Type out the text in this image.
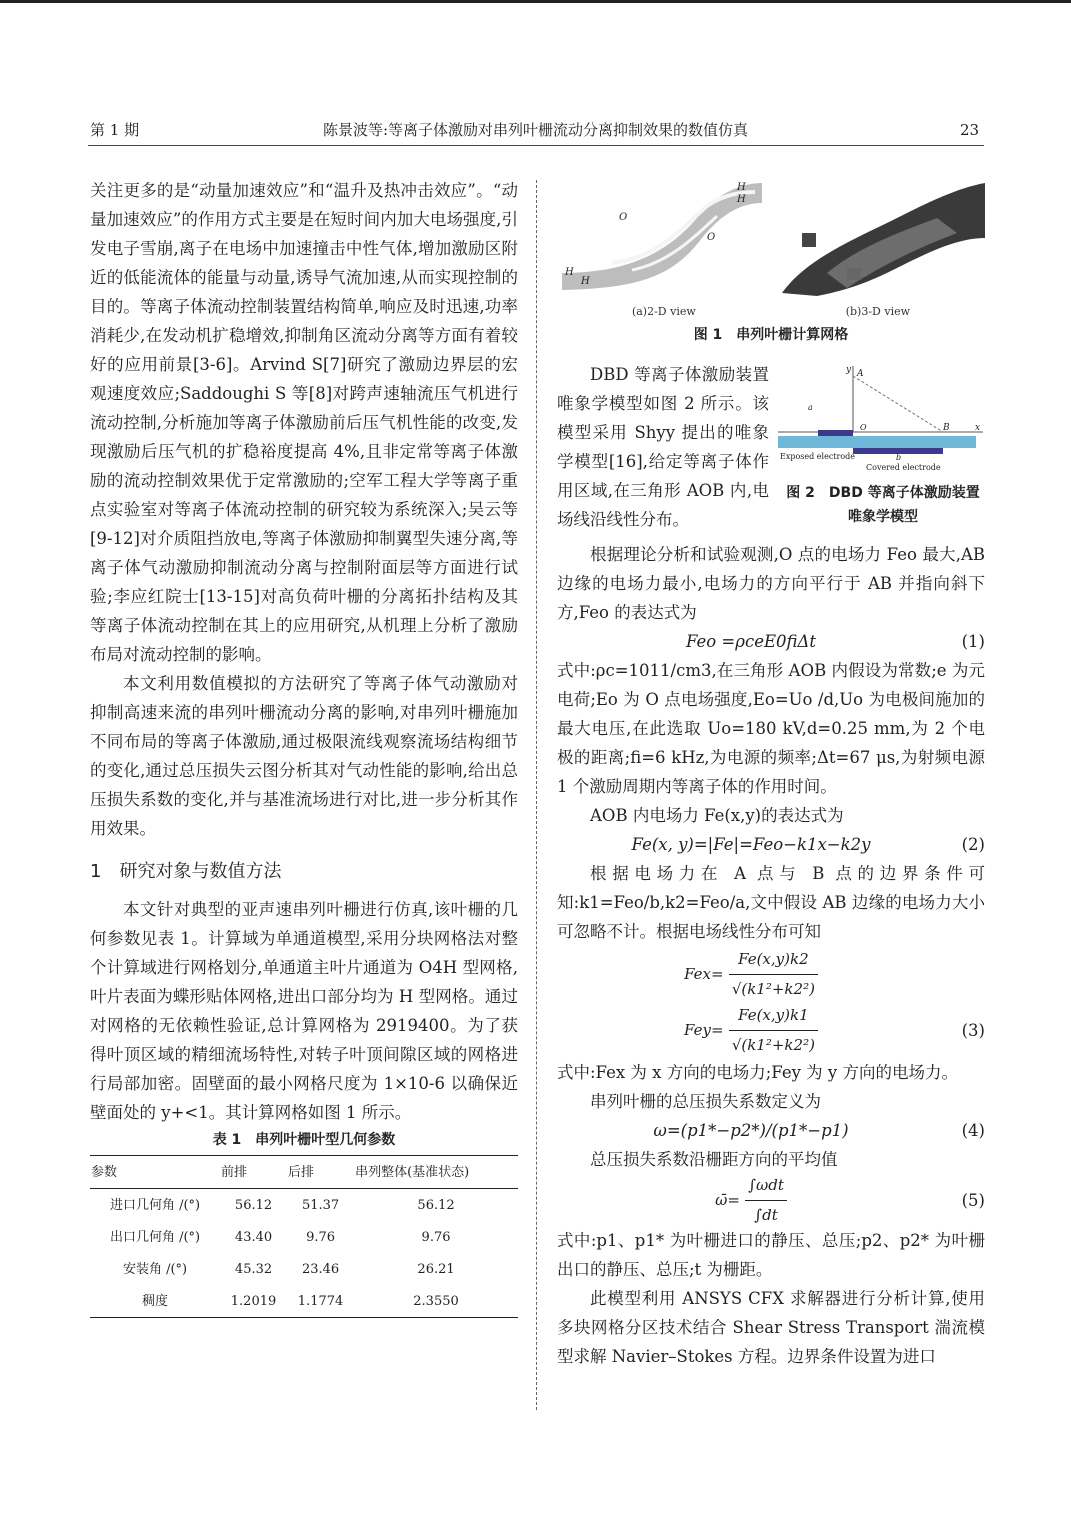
第 1 期	陈景波等:等离子体激励对串列叶栅流动分离抑制效果的数值仿真	23

关注更多的是“动量加速效应”和“温升及热冲击效应”。“动量加速效应”的作用方式主要是在短时间内加大电场强度,引发电子雪崩,离子在电场中加速撞击中性气体,增加激励区附近的低能流体的能量与动量,诱导气流加速,从而实现控制的目的。等离子体流动控制装置结构简单,响应及时迅速,功率消耗少,在发动机扩稳增效,抑制角区流动分离等方面有着较好的应用前景[3-6]。Arvind S[7]研究了激励边界层的宏观速度效应;Saddoughi S 等[8]对跨声速轴流压气机进行流动控制,分析施加等离子体激励前后压气机性能的改变,发现激励后压气机的扩稳裕度提高 4%,且非定常等离子体激励的流动控制效果优于定常激励的;空军工程大学等离子重点实验室对等离子体流动控制的研究较为系统深入;吴云等[9-12]对介质阻挡放电,等离子体激励抑制翼型失速分离,等离子体气动激励抑制流动分离与控制附面层等方面进行试验;李应红院士[13-15]对高负荷叶栅的分离拓扑结构及其等离子体流动控制在其上的应用研究,从机理上分析了激励布局对流动控制的影响。

本文利用数值模拟的方法研究了等离子体气动激励对抑制高速来流的串列叶栅流动分离的影响,对串列叶栅施加不同布局的等离子体激励,通过极限流线观察流场结构细节的变化,通过总压损失云图分析其对气动性能的影响,给出总压损失系数的变化,并与基准流场进行对比,进一步分析其作用效果。

1　研究对象与数值方法

本文针对典型的亚声速串列叶栅进行仿真,该叶栅的几何参数见表 1。计算域为单通道模型,采用分块网格法对整个计算域进行网格划分,单通道主叶片通道为 O4H 型网格,叶片表面为蝶形贴体网格,进出口部分均为 H 型网格。通过对网格的无依赖性验证,总计算网格为 2919400。为了获得叶顶区域的精细流场特性,对转子叶顶间隙区域的网格进行局部加密。固壁面的最小网格尺度为 1×10-6 以确保近壁面处的 y+<1。其计算网格如图 1 所示。

表 1　串列叶栅叶型几何参数

参数	前排	后排	串列整体(基准状态)
进口几何角 /(°)	56.12	51.37	56.12
出口几何角 /(°)	43.40	9.76	9.76
安装角 /(°)	45.32	23.46	26.21
稠度	1.2019	1.1774	2.3550
H
H
O
O
H
H
(a)2-D view	(b)3-D view
图 1　串列叶栅计算网格
y A
O	B	x
a
b
Exposed electrode
Covered electrode
图 2　DBD 等离子体激励装置
唯象学模型

DBD 等离子体激励装置唯象学模型如图 2 所示。该模型采用 Shyy 提出的唯象学模型[16],给定等离子体作用区域,在三角形 AOB 内,电场线沿线性分布。

根据理论分析和试验观测,O 点的电场力 Feo 最大,AB 边缘的电场力最小,电场力的方向平行于 AB 并指向斜下方,Feo 的表达式为

Feo =ρceE0fiΔt	(1)

式中:ρc=1011/cm3,在三角形 AOB 内假设为常数;e 为元电荷;Eo 为 O 点电场强度,Eo=Uo /d,Uo 为电极间施加的最大电压,在此选取 Uo=180 kV,d=0.25 mm,为 2 个电极的距离;fi=6 kHz,为电源的频率;Δt=67 μs,为射频电源 1 个激励周期内等离子体的作用时间。

AOB 内电场力 Fe(x,y)的表达式为

Fe(x, y)=|Fe|=Feo−k1x−k2y	(2)

根据电场力在 A 点与 B 点的边界条件可知:k1=Feo/b,k2=Feo/a,文中假设 AB 边缘的电场力大小可忽略不计。根据电场线性分布可知

$Fex= \frac{Fe(x,y)k2}{\text{√(k1²+k2²)}}$
$Fey= \frac{Fe(x,y)k1}{\text{√(k1²+k2²)}}$	(3)

式中:Fex 为 x 方向的电场力;Fey 为 y 方向的电场力。

串列叶栅的总压损失系数定义为

ω=(p1*−p2*)/(p1*−p1)	(4)

总压损失系数沿栅距方向的平均值

ω̄= $\frac{\text{∫ωdt}}{\int dt}$	(5)

式中:p1、p1* 为叶栅进口的静压、总压;p2、p2* 为叶栅出口的静压、总压;t 为栅距。

此模型利用 ANSYS CFX 求解器进行分析计算,使用多块网格分区技术结合 Shear Stress Transport 湍流模型求解 Navier–Stokes 方程。边界条件设置为进口
